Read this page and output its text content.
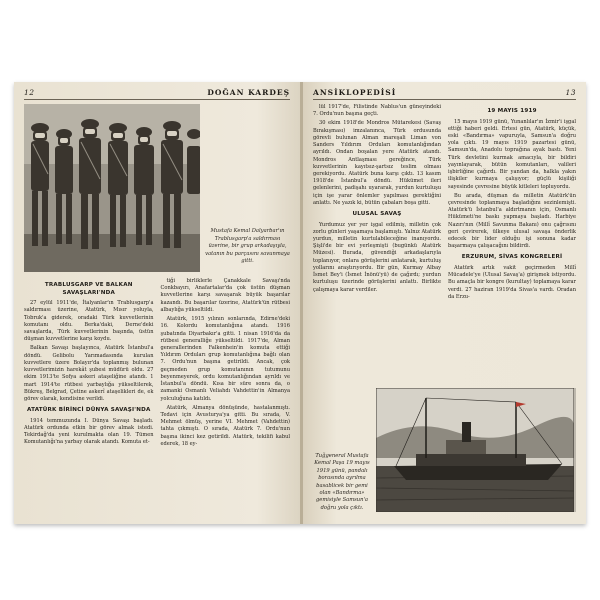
12	DOĞAN KARDEŞ
Mustafa Kemal Dalyarbar'ın Trablusgarp'a saldırması üzerine, bir grup arkadaşıyla, vatanın bu parçasını savunmaya gitti.
TRABLUSGARP VE BALKAN SAVAŞLARI'NDA

27 eylül 1911'de, İtalyanlar'ın Trablusgarp'a saldırması üzerine, Atatürk, Mısır yoluyla, Tobruk'a giderek, oradaki Türk kuvvetlerinin komutanı oldu. Berka'daki, Derne'deki savaşlarda, Türk kuvvetlerinin başında, üstün düşman kuvvetlerine karşı koydu.

Balkan Savaşı başlayınca, Atatürk İstanbul'a döndü. Gelibolu Yarımadasında kurulan kuvvetlere üzere Bolayır'da toplanmış bulunan kuvvetlerimizin harekât şubesi müdürü oldu. 27 ekim 1913'te Sofya askeri ataşeliğine atandı. 1 mart 1914'te rütbesi yarbaylığa yükseltilerek, Bükreş, Belgrad, Çetine askerî ataşelikleri de, ek görev olarak, kendisine verildi.

ATATÜRK BİRİNCİ DÜNYA SAVAŞI'NDA

1914 temmuzunda I. Dünya Savaşı başladı. Atatürk ordunda etkin bir görev almak istedi. Tekirdağ'da yeni kurulmakta olan 19. Tümen Komutanlığı'na yarbay olarak atandı. Komuta et-

tiği birliklerle Çanakkale Savaşı'nda Conkbayırı, Anafartalar'da çok üstün düşman kuvvetlerine karşı savaşarak büyük başarılar kazandı. Bu başarılar üzerine, Atatürk'ün rütbesi albaylığa yükseltildi.

Atatürk, 1915 yılının sonlarında, Edirne'deki 16. Kolordu komutanlığına atandı. 1916 şubatında Diyarbakır'a gitti. 1 nisan 1916'da da rütbesi generalliğe yükseltildi. 1917'de, Alman generallerinden Falkenhein'in komuta ettiği Yıldırım Orduları grup komutanlığına bağlı olan 7. Ordu'nun başına getirildi. Ancak, çok geçmeden grup komutanının tutumunu beyenmeyerek, ordu komutanlığından ayrıldı ve İstanbul'a döndü. Kısa bir süre sonra da, o zamanki Osmanlı Veliahdı Vahdettin'in Almanya yolculuğuna katıldı.

Atatürk, Almanya dönüşünde, hastalanmıştı. Tedavi için Avusturya'ya gitti. Bu sırada, V. Mehmet ölmüş, yerine VI. Mehmet (Vahdettin) tahta çıkmıştı. O sırada, Atatürk 7. Ordu'nun başına ikinci kez getirildi. Atatürk, tekilifi kabul ederek, 18 ey-

ANSİKLOPEDİSİ	13

lül 1917'de, Filistinde Nablus'un güneyindeki 7. Ordu'nun başına geçti.

30 ekim 1918'de Mondros Mütarekesi (Savaş Bırakışması) imzalanınca, Türk ordusunda görevli bulunan Alman mareşali Liman von Sanders Yıldırım Orduları komutanlığından ayrıldı. Ondan boşalan yere Atatürk atandı. Mondros Antlaşması gereğince, Türk kuvvetlerinin kayıtsız-şartsız teslim olması gerekiyordu. Atatürk buna karşı çıktı. 13 kasım 1918'de İstanbul'a döndü. Hükümet ileri gelenlerini, padişahı uyararak, yurdun kurtuluşu için işe yarar önlemler yapılması gerektiğini anlattı. Ne yazık ki, bütün çabaları boşa gitti.

ULUSAL SAVAŞ

Yurdumuz yer yer işgal edilmiş, milletin çok zorlu günleri yaşamaya başlamıştı. Yalnız Atatürk yurdun, milletin kurtulabileceğine inanıyordu. Şişli'de bir evi yerleşmişti (bugünkü Atatürk Müzesi). Burada, güvendiği arkadaşlarıyla toplanıyor, onlara görüşlerini anlatarak, kurtuluş yollarını araştırıyordu. Bir gün, Kurmay Albay İsmet Bey'i (İsmet İnönü'yü) de çağırdı; yurdun kurtuluşu üzerinde görüşlerini anlattı. Birlikte çalışmaya karar verdiler.

19 MAYIS 1919

15 mayıs 1919 günü, Yunanlılar'ın İzmir'i işgal ettiği haberi geldi. Ertesi gün, Atatürk, küçük, eski «Bandırma» vapuruyla, Samsun'a doğru yola çıktı. 19 mayıs 1919 pazartesi günü, Samsun'da, Anadolu toprağına ayak bastı. Yeni Türk devletini kurmak amacıyla, bir bildiri yayınlayarak, bütün komutanları, valileri işbirliğine çağırdı. Bir yandan da, halkla yakın ilişkiler kurmaya çalışıyor; güçlü kişiliği sayesinde çevresine büyük kitleleri topluyordu.

Bu arada, düşman da milletin Atatürk'ün çevresinde toplanmaya başladığını sezinlemişti. Atatürk'ü İstanbul'a aldırtmanın için, Osmanlı Hükümeti'ne baskı yapmaya başladı. Harbiye Nazırı'nın (Millî Savunma Bakanı) onu çağrısını geri çevirerek, ülkeye ulusal savaşa önderlik edecek bir lider olduğu işi sonuna kadar başarmaya çalışacağını bildirdi.

ERZURUM, SİVAS KONGRELERİ

Atatürk artık vakit geçirmeden Millî Mücadele'ye (Ulusal Savaş'a) girişmek istiyordu. Bu amaçla bir kongre (kurultay) toplamaya karar verdi. 27 haziran 1919'da Sivas'a vardı. Oradan da Erzu-

Tuğgeneral Mustafa Kemal Paşa 19 mayıs 1919 günü, pandalı borasında ayrılma basablicek bir gemi olan «Bandırma» gemisiyle Samsun'a doğru yola çıktı.
